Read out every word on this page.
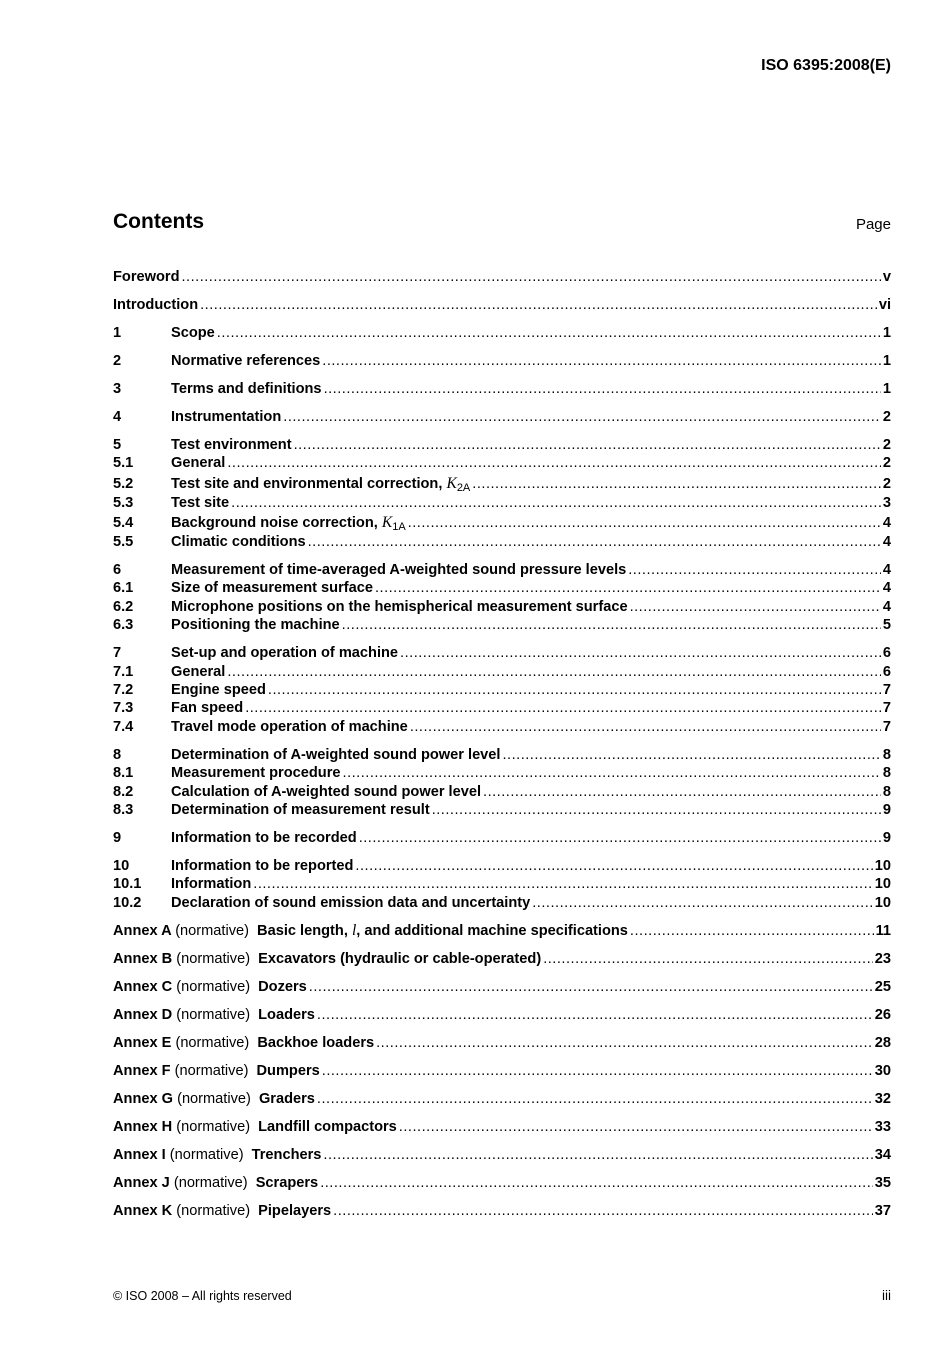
ISO 6395:2008(E)
Contents	Page
Foreword .....	v
Introduction .....	vi
1	Scope .....	1
2	Normative references .....	1
3	Terms and definitions .....	1
4	Instrumentation .....	2
5	Test environment .....	2
5.1	General .....	2
5.2	Test site and environmental correction, $K_{2A}$ .....	2
5.3	Test site .....	3
5.4	Background noise correction, $K_{1A}$ .....	4
5.5	Climatic conditions .....	4
6	Measurement of time-averaged A-weighted sound pressure levels .....	4
6.1	Size of measurement surface .....	4
6.2	Microphone positions on the hemispherical measurement surface .....	4
6.3	Positioning the machine .....	5
7	Set-up and operation of machine .....	6
7.1	General .....	6
7.2	Engine speed .....	7
7.3	Fan speed .....	7
7.4	Travel mode operation of machine .....	7
8	Determination of A-weighted sound power level .....	8
8.1	Measurement procedure .....	8
8.2	Calculation of A-weighted sound power level .....	8
8.3	Determination of measurement result .....	9
9	Information to be recorded .....	9
10	Information to be reported .....	10
10.1	Information .....	10
10.2	Declaration of sound emission data and uncertainty .....	10
Annex A (normative) Basic length, l, and additional machine specifications .....	11
Annex B (normative) Excavators (hydraulic or cable-operated) .....	23
Annex C (normative) Dozers .....	25
Annex D (normative) Loaders .....	26
Annex E (normative) Backhoe loaders .....	28
Annex F (normative) Dumpers .....	30
Annex G (normative) Graders .....	32
Annex H (normative) Landfill compactors .....	33
Annex I (normative) Trenchers .....	34
Annex J (normative) Scrapers .....	35
Annex K (normative) Pipelayers .....	37
© ISO 2008 – All rights reserved	iii
